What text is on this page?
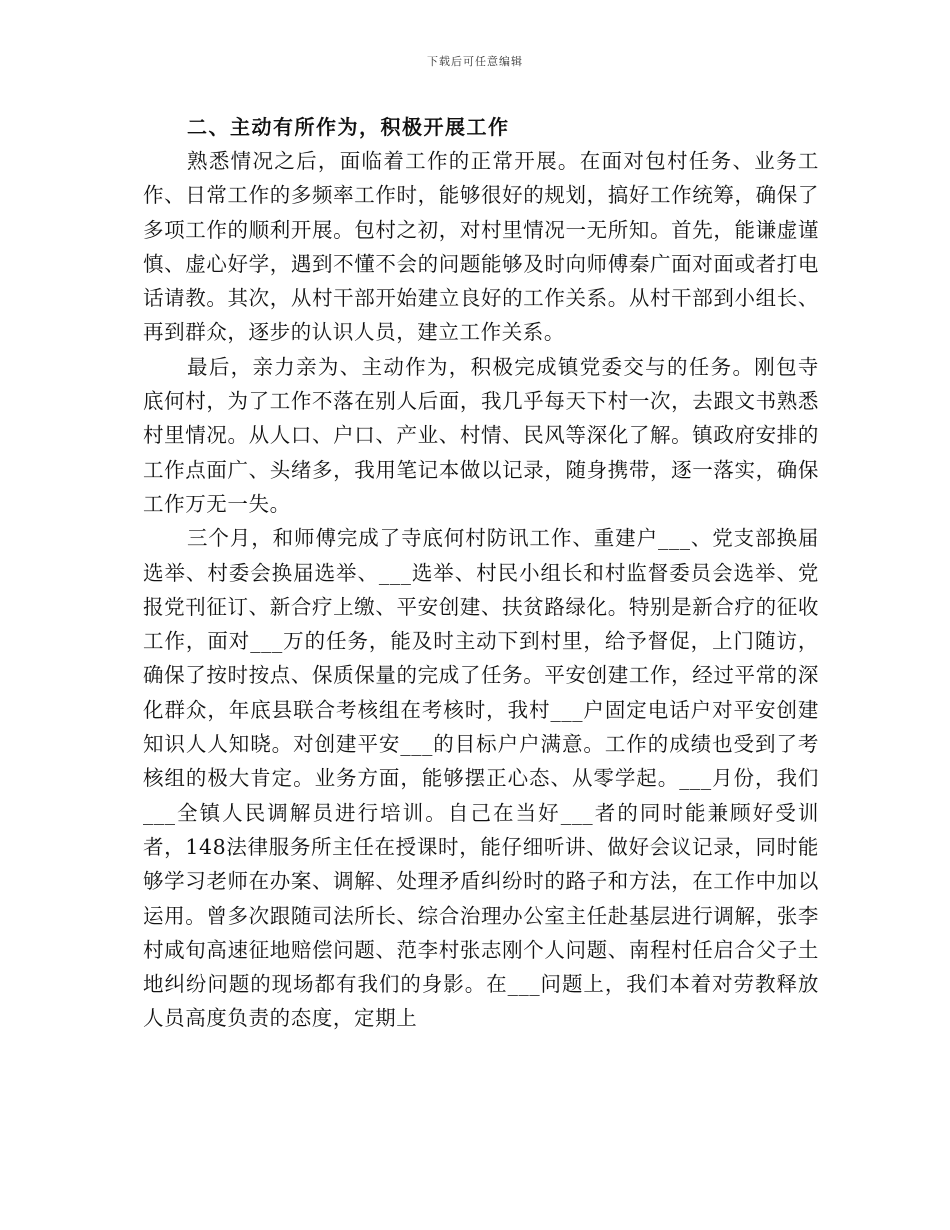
下载后可任意编辑
二、主动有所作为，积极开展工作

熟悉情况之后，面临着工作的正常开展。在面对包村任务、业务工作、日常工作的多频率工作时，能够很好的规划，搞好工作统筹，确保了多项工作的顺利开展。包村之初，对村里情况一无所知。首先，能谦虚谨慎、虚心好学，遇到不懂不会的问题能够及时向师傅秦广面对面或者打电话请教。其次，从村干部开始建立良好的工作关系。从村干部到小组长、再到群众，逐步的认识人员，建立工作关系。

最后，亲力亲为、主动作为，积极完成镇党委交与的任务。刚包寺底何村，为了工作不落在别人后面，我几乎每天下村一次，去跟文书熟悉村里情况。从人口、户口、产业、村情、民风等深化了解。镇政府安排的工作点面广、头绪多，我用笔记本做以记录，随身携带，逐一落实，确保工作万无一失。

三个月，和师傅完成了寺底何村防讯工作、重建户___、党支部换届选举、村委会换届选举、___选举、村民小组长和村监督委员会选举、党报党刊征订、新合疗上缴、平安创建、扶贫路绿化。特别是新合疗的征收工作，面对___万的任务，能及时主动下到村里，给予督促，上门随访，确保了按时按点、保质保量的完成了任务。平安创建工作，经过平常的深化群众，年底县联合考核组在考核时，我村___户固定电话户对平安创建知识人人知晓。对创建平安___的目标户户满意。工作的成绩也受到了考核组的极大肯定。业务方面，能够摆正心态、从零学起。___月份，我们___全镇人民调解员进行培训。自己在当好___者的同时能兼顾好受训者，148法律服务所主任在授课时，能仔细听讲、做好会议记录，同时能够学习老师在办案、调解、处理矛盾纠纷时的路子和方法，在工作中加以运用。曾多次跟随司法所长、综合治理办公室主任赴基层进行调解，张李村咸旬高速征地赔偿问题、范李村张志刚个人问题、南程村任启合父子土地纠纷问题的现场都有我们的身影。在___问题上，我们本着对劳教释放人员高度负责的态度，定期上
